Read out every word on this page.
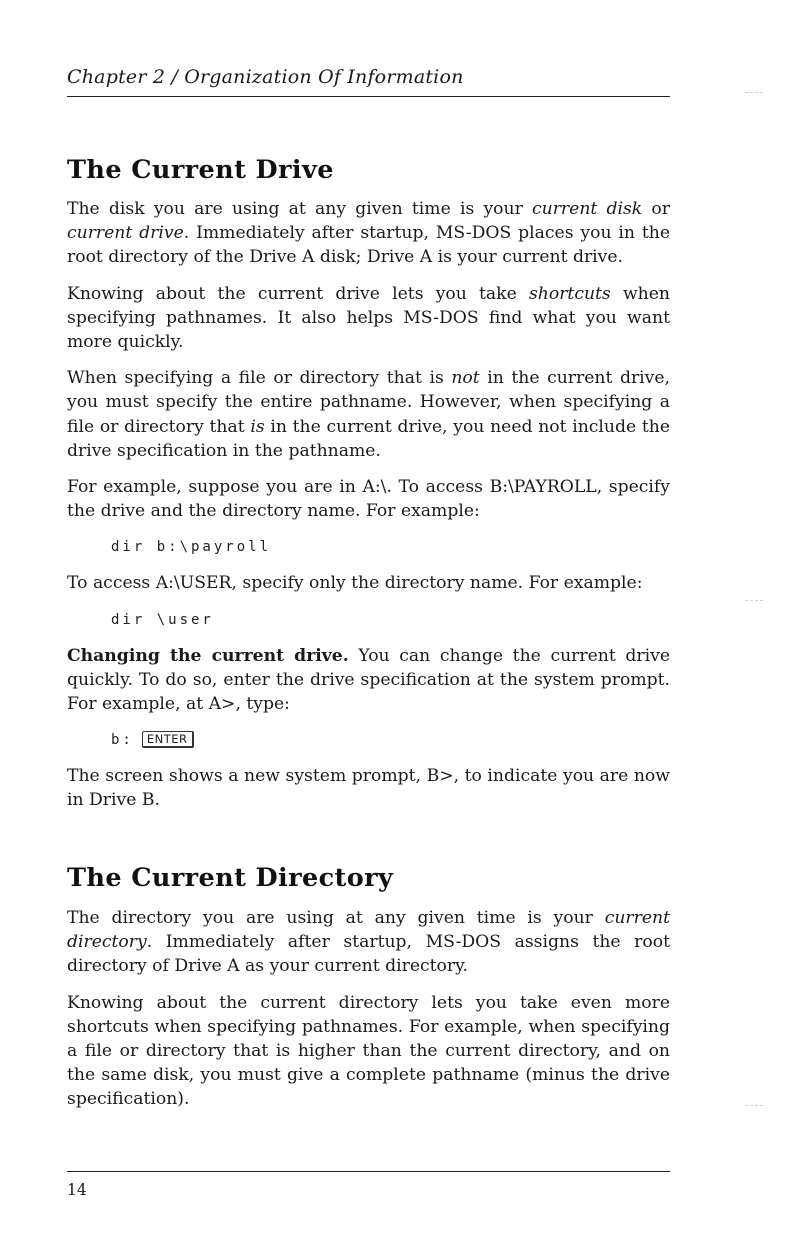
Chapter 2 / Organization Of Information
The Current Drive

The disk you are using at any given time is your current disk or current drive. Immediately after startup, MS-DOS places you in the root directory of the Drive A disk; Drive A is your current drive.

Knowing about the current drive lets you take shortcuts when specifying pathnames. It also helps MS-DOS find what you want more quickly.

When specifying a file or directory that is not in the current drive, you must specify the entire pathname. However, when specifying a file or directory that is in the current drive, you need not include the drive specification in the pathname.

For example, suppose you are in A:\. To access B:\PAYROLL, specify the drive and the directory name. For example:

dir b:\payroll

To access A:\USER, specify only the directory name. For example:

dir \user

Changing the current drive. You can change the current drive quickly. To do so, enter the drive specification at the system prompt. For example, at A>, type:

b: ENTER

The screen shows a new system prompt, B>, to indicate you are now in Drive B.

The Current Directory

The directory you are using at any given time is your current directory. Immediately after startup, MS-DOS assigns the root directory of Drive A as your current directory.

Knowing about the current directory lets you take even more shortcuts when specifying pathnames. For example, when specifying a file or directory that is higher than the current directory, and on the same disk, you must give a complete pathname (minus the drive specification).

14
